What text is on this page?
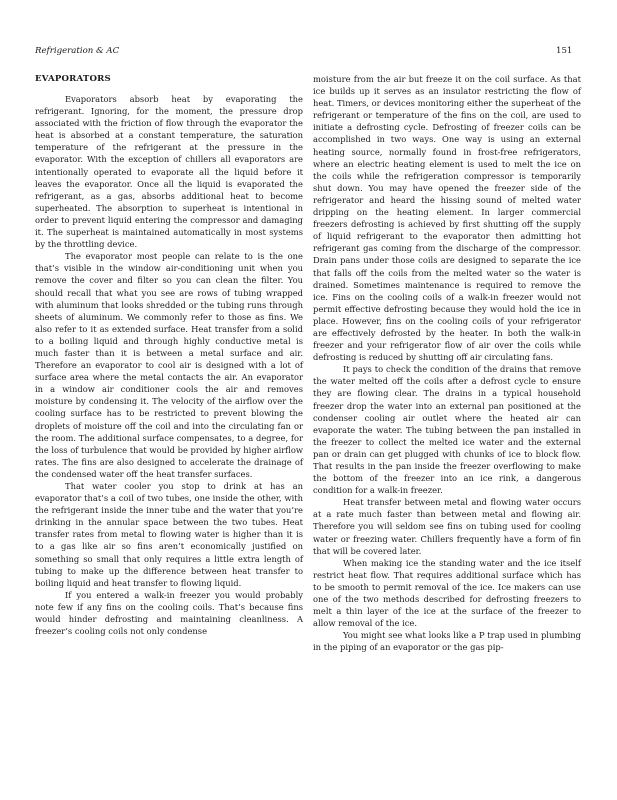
Refrigeration & AC	151
EVAPORATORS

Evaporators absorb heat by evaporating the refrigerant. Ignoring, for the moment, the pressure drop associated with the friction of flow through the evaporator the heat is absorbed at a constant temperature, the saturation temperature of the refrigerant at the pressure in the evaporator. With the exception of chillers all evaporators are intentionally operated to evaporate all the liquid before it leaves the evaporator. Once all the liquid is evaporated the refrigerant, as a gas, absorbs additional heat to become superheated. The absorption to superheat is intentional in order to prevent liquid entering the compressor and damaging it. The superheat is maintained automatically in most systems by the throttling device.

The evaporator most people can relate to is the one that’s visible in the window air-conditioning unit when you remove the cover and filter so you can clean the filter. You should recall that what you see are rows of tubing wrapped with aluminum that looks shredded or the tubing runs through sheets of aluminum. We commonly refer to those as fins. We also refer to it as extended surface. Heat transfer from a solid to a boiling liquid and through highly conductive metal is much faster than it is between a metal surface and air. Therefore an evaporator to cool air is designed with a lot of surface area where the metal contacts the air. An evaporator in a window air conditioner cools the air and removes moisture by condensing it. The velocity of the airflow over the cooling surface has to be restricted to prevent blowing the droplets of moisture off the coil and into the circulating fan or the room. The additional surface compensates, to a degree, for the loss of turbulence that would be provided by higher airflow rates. The fins are also designed to accelerate the drainage of the condensed water off the heat transfer surfaces.

That water cooler you stop to drink at has an evaporator that’s a coil of two tubes, one inside the other, with the refrigerant inside the inner tube and the water that you’re drinking in the annular space between the two tubes. Heat transfer rates from metal to flowing water is higher than it is to a gas like air so fins aren’t economically justified on something so small that only requires a little extra length of tubing to make up the difference between heat transfer to boiling liquid and heat transfer to flowing liquid.

If you entered a walk-in freezer you would probably note few if any fins on the cooling coils. That’s because fins would hinder defrosting and maintaining cleanliness. A freezer’s cooling coils not only condense

moisture from the air but freeze it on the coil surface. As that ice builds up it serves as an insulator restricting the flow of heat. Timers, or devices monitoring either the superheat of the refrigerant or temperature of the fins on the coil, are used to initiate a defrosting cycle. Defrosting of freezer coils can be accomplished in two ways. One way is using an external heating source, normally found in frost-free refrigerators, where an electric heating element is used to melt the ice on the coils while the refrigeration compressor is temporarily shut down. You may have opened the freezer side of the refrigerator and heard the hissing sound of melted water dripping on the heating element. In larger commercial freezers defrosting is achieved by first shutting off the supply of liquid refrigerant to the evaporator then admitting hot refrigerant gas coming from the discharge of the compressor. Drain pans under those coils are designed to separate the ice that falls off the coils from the melted water so the water is drained. Sometimes maintenance is required to remove the ice. Fins on the cooling coils of a walk-in freezer would not permit effective defrosting because they would hold the ice in place. However, fins on the cooling coils of your refrigerator are effectively defrosted by the heater. In both the walk-in freezer and your refrigerator flow of air over the coils while defrosting is reduced by shutting off air circulating fans.

It pays to check the condition of the drains that remove the water melted off the coils after a defrost cycle to ensure they are flowing clear. The drains in a typical household freezer drop the water into an external pan positioned at the condenser cooling air outlet where the heated air can evaporate the water. The tubing between the pan installed in the freezer to collect the melted ice water and the external pan or drain can get plugged with chunks of ice to block flow. That results in the pan inside the freezer overflowing to make the bottom of the freezer into an ice rink, a dangerous condition for a walk-in freezer.

Heat transfer between metal and flowing water occurs at a rate much faster than between metal and flowing air. Therefore you will seldom see fins on tubing used for cooling water or freezing water. Chillers frequently have a form of fin that will be covered later.

When making ice the standing water and the ice itself restrict heat flow. That requires additional surface which has to be smooth to permit removal of the ice. Ice makers can use one of the two methods described for defrosting freezers to melt a thin layer of the ice at the surface of the freezer to allow removal of the ice.

You might see what looks like a P trap used in plumbing in the piping of an evaporator or the gas pip-
